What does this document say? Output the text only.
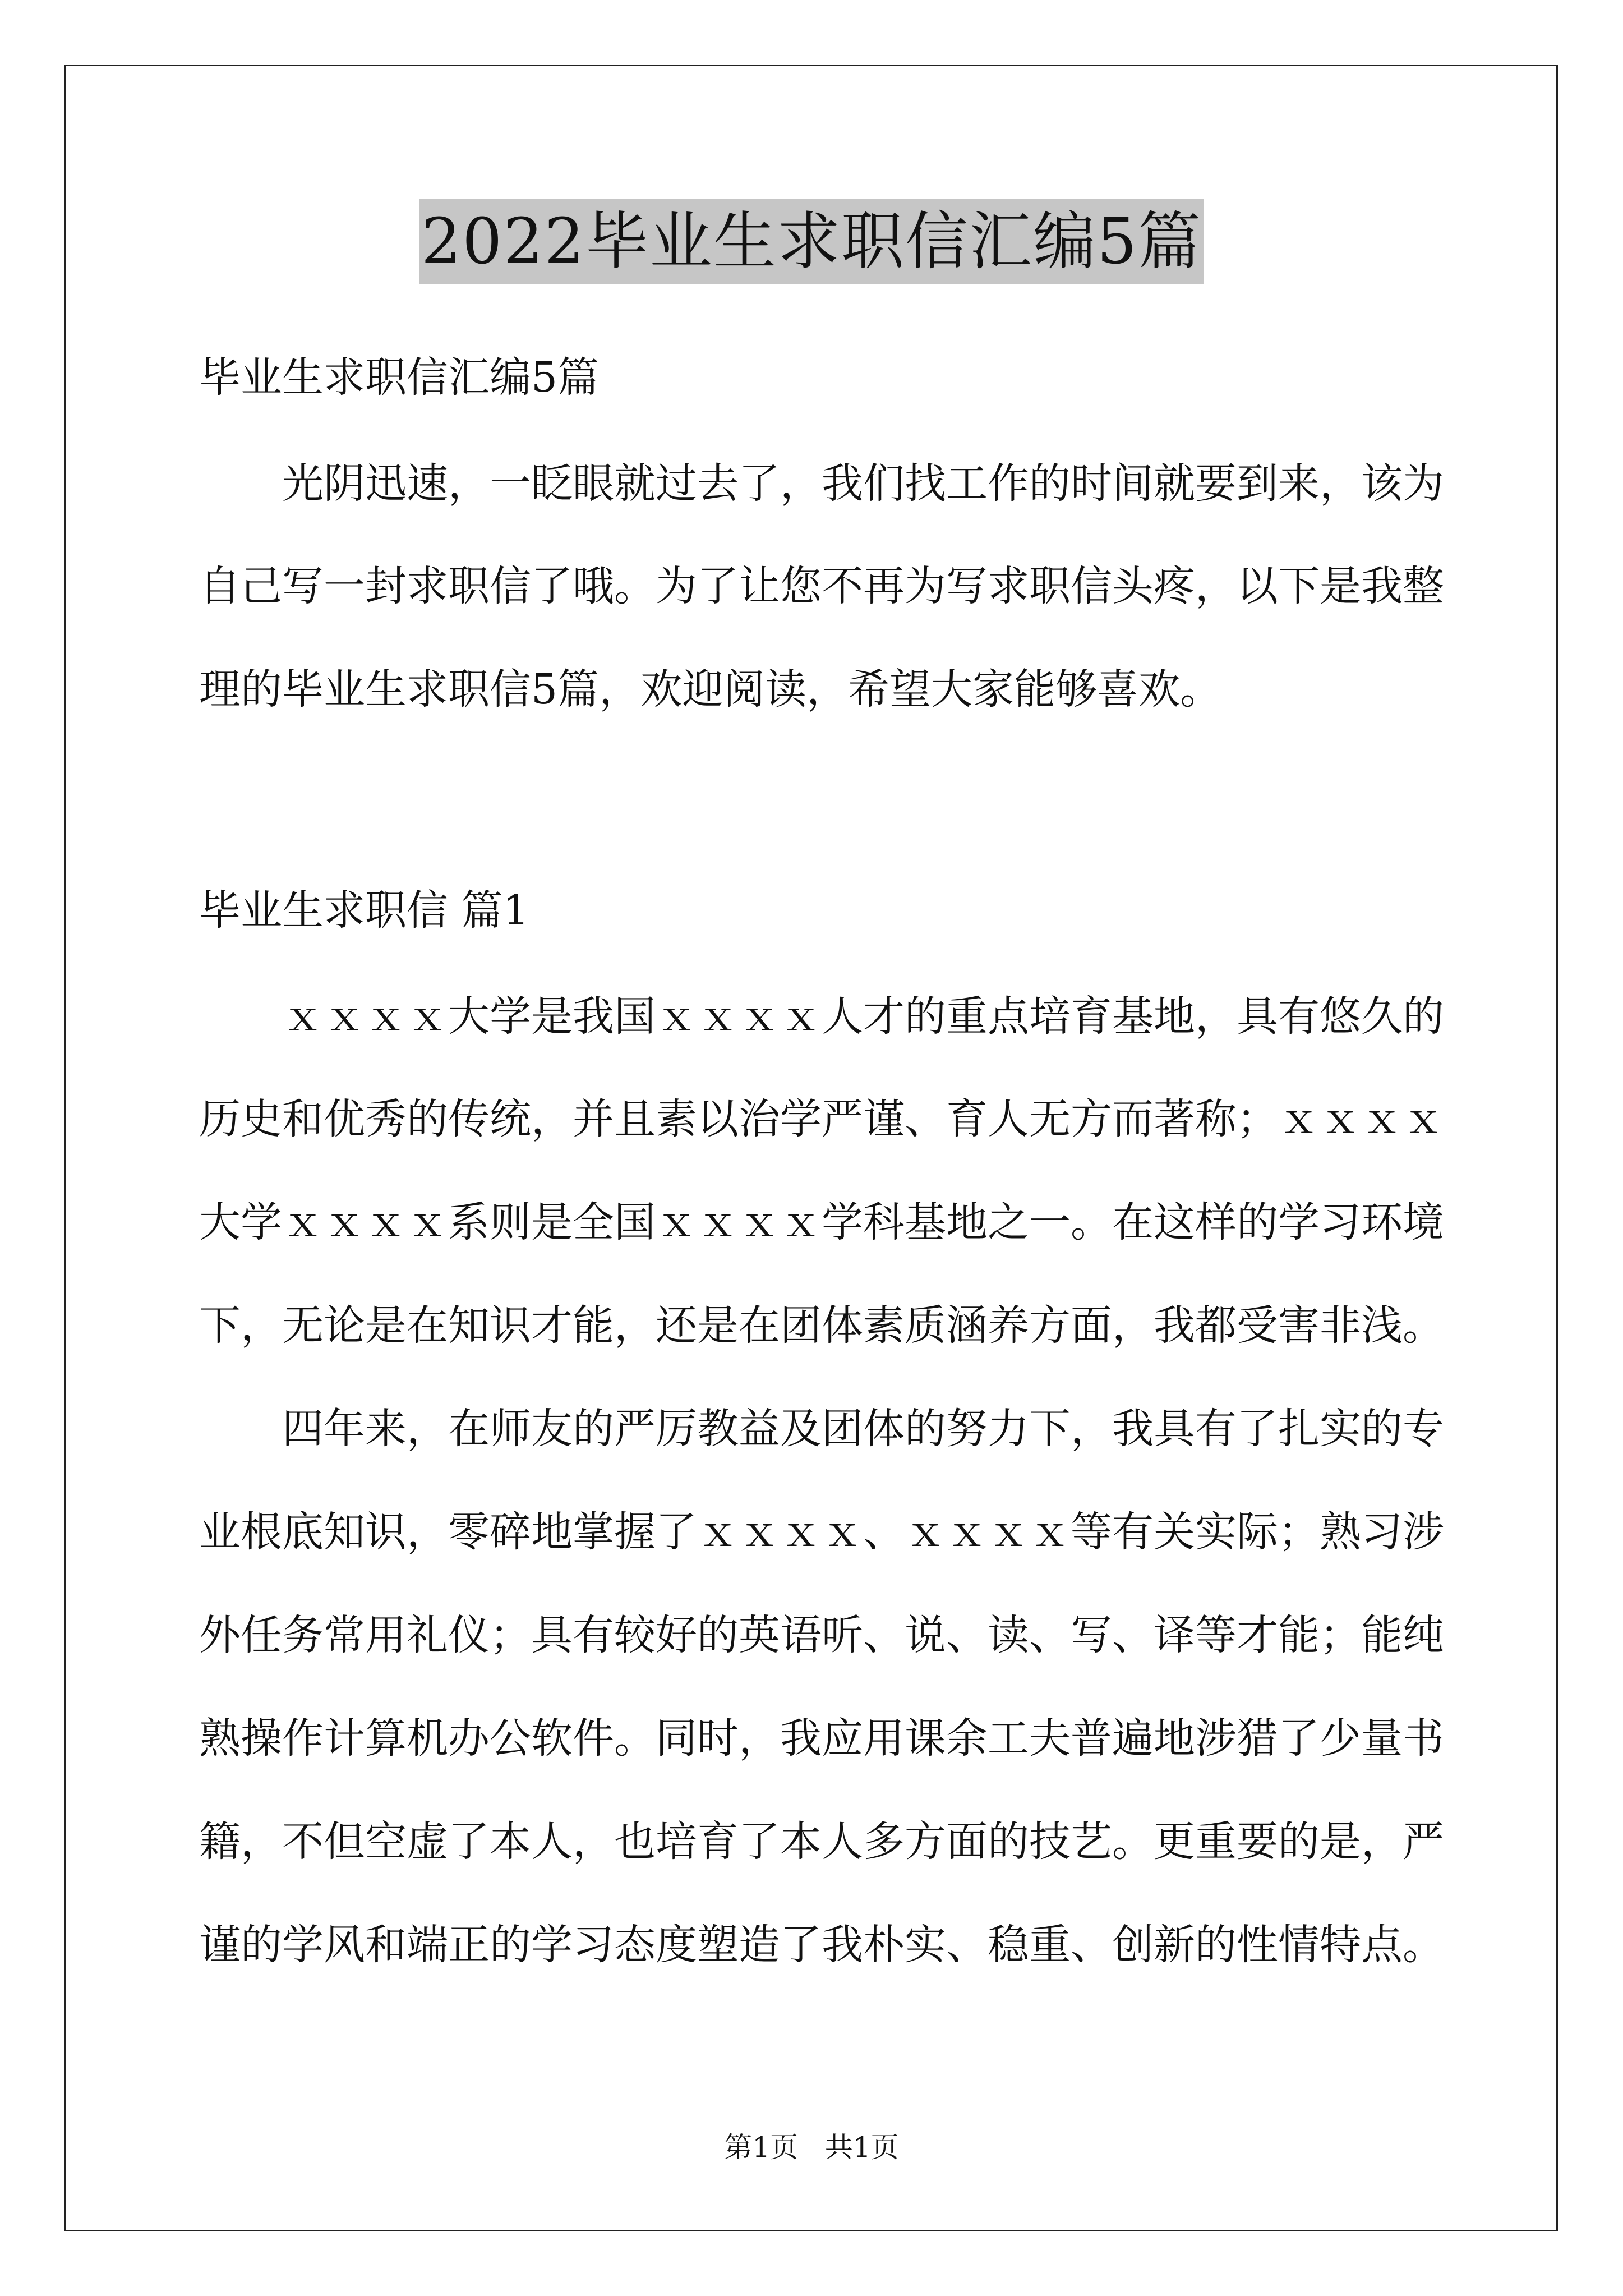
2022毕业生求职信汇编5篇
毕业生求职信汇编5篇
光阴迅速，一眨眼就过去了，我们找工作的时间就要到来，该为
自己写一封求职信了哦。为了让您不再为写求职信头疼，以下是我整
理的毕业生求职信5篇，欢迎阅读，希望大家能够喜欢。
毕业生求职信 篇1
ｘｘｘｘ大学是我国ｘｘｘｘ人才的重点培育基地，具有悠久的
历史和优秀的传统，并且素以治学严谨、育人无方而著称；ｘｘｘｘ
大学ｘｘｘｘ系则是全国ｘｘｘｘ学科基地之一。在这样的学习环境
下，无论是在知识才能，还是在团体素质涵养方面，我都受害非浅。
四年来，在师友的严厉教益及团体的努力下，我具有了扎实的专
业根底知识，零碎地掌握了ｘｘｘｘ、ｘｘｘｘ等有关实际；熟习涉
外任务常用礼仪；具有较好的英语听、说、读、写、译等才能；能纯
熟操作计算机办公软件。同时，我应用课余工夫普遍地涉猎了少量书
籍，不但空虚了本人，也培育了本人多方面的技艺。更重要的是，严
谨的学风和端正的学习态度塑造了我朴实、稳重、创新的性情特点。
第1页   共1页
